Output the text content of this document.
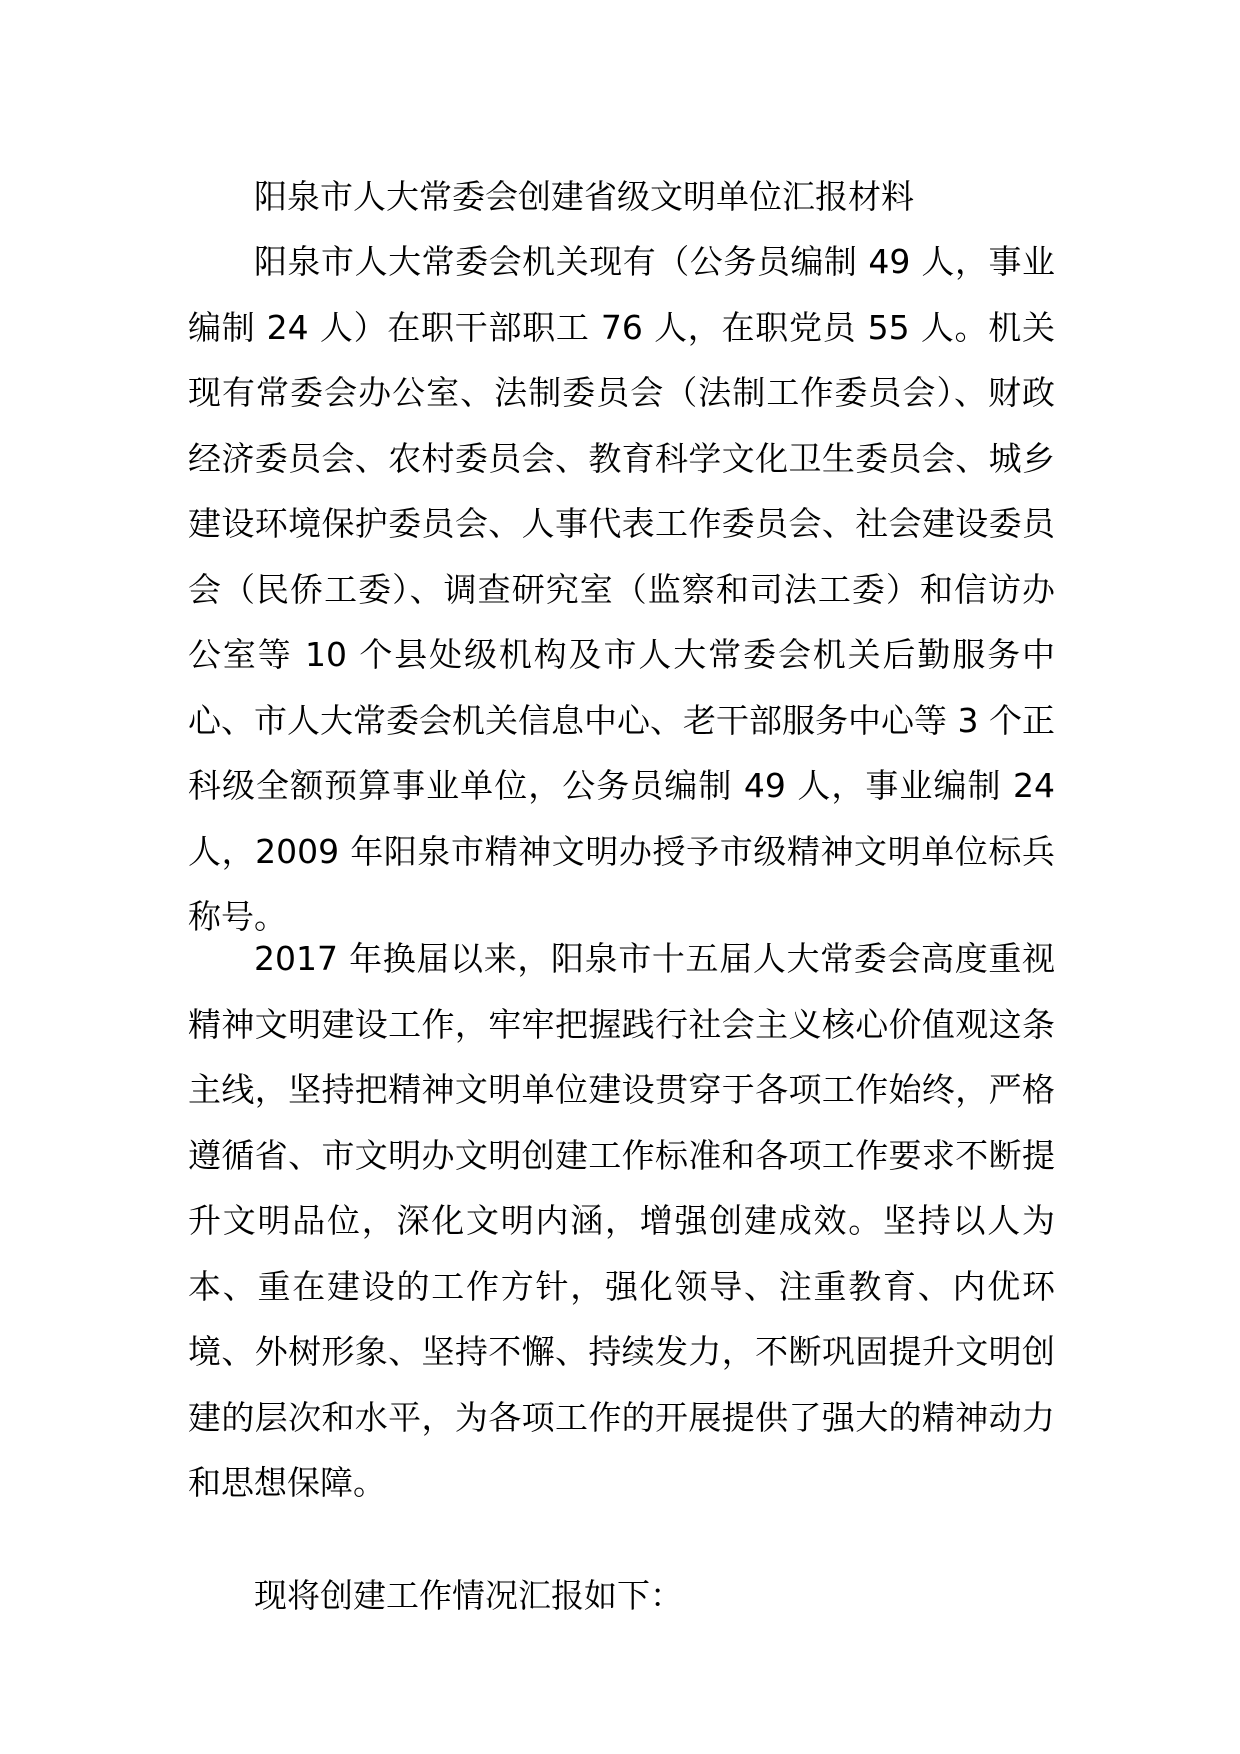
阳泉市人大常委会创建省级文明单位汇报材料

阳泉市人大常委会机关现有（公务员编制 49 人，事业编制 24 人）在职干部职工 76 人，在职党员 55 人。机关现有常委会办公室、法制委员会（法制工作委员会）、财政经济委员会、农村委员会、教育科学文化卫生委员会、城乡建设环境保护委员会、人事代表工作委员会、社会建设委员会（民侨工委）、调查研究室（监察和司法工委）和信访办公室等 10 个县处级机构及市人大常委会机关后勤服务中心、市人大常委会机关信息中心、老干部服务中心等 3 个正科级全额预算事业单位，公务员编制 49 人，事业编制 24 人，2009 年阳泉市精神文明办授予市级精神文明单位标兵称号。

2017 年换届以来，阳泉市十五届人大常委会高度重视精神文明建设工作，牢牢把握践行社会主义核心价值观这条主线，坚持把精神文明单位建设贯穿于各项工作始终，严格遵循省、市文明办文明创建工作标准和各项工作要求不断提升文明品位，深化文明内涵，增强创建成效。坚持以人为本、重在建设的工作方针，强化领导、注重教育、内优环境、外树形象、坚持不懈、持续发力，不断巩固提升文明创建的层次和水平，为各项工作的开展提供了强大的精神动力和思想保障。

现将创建工作情况汇报如下：
